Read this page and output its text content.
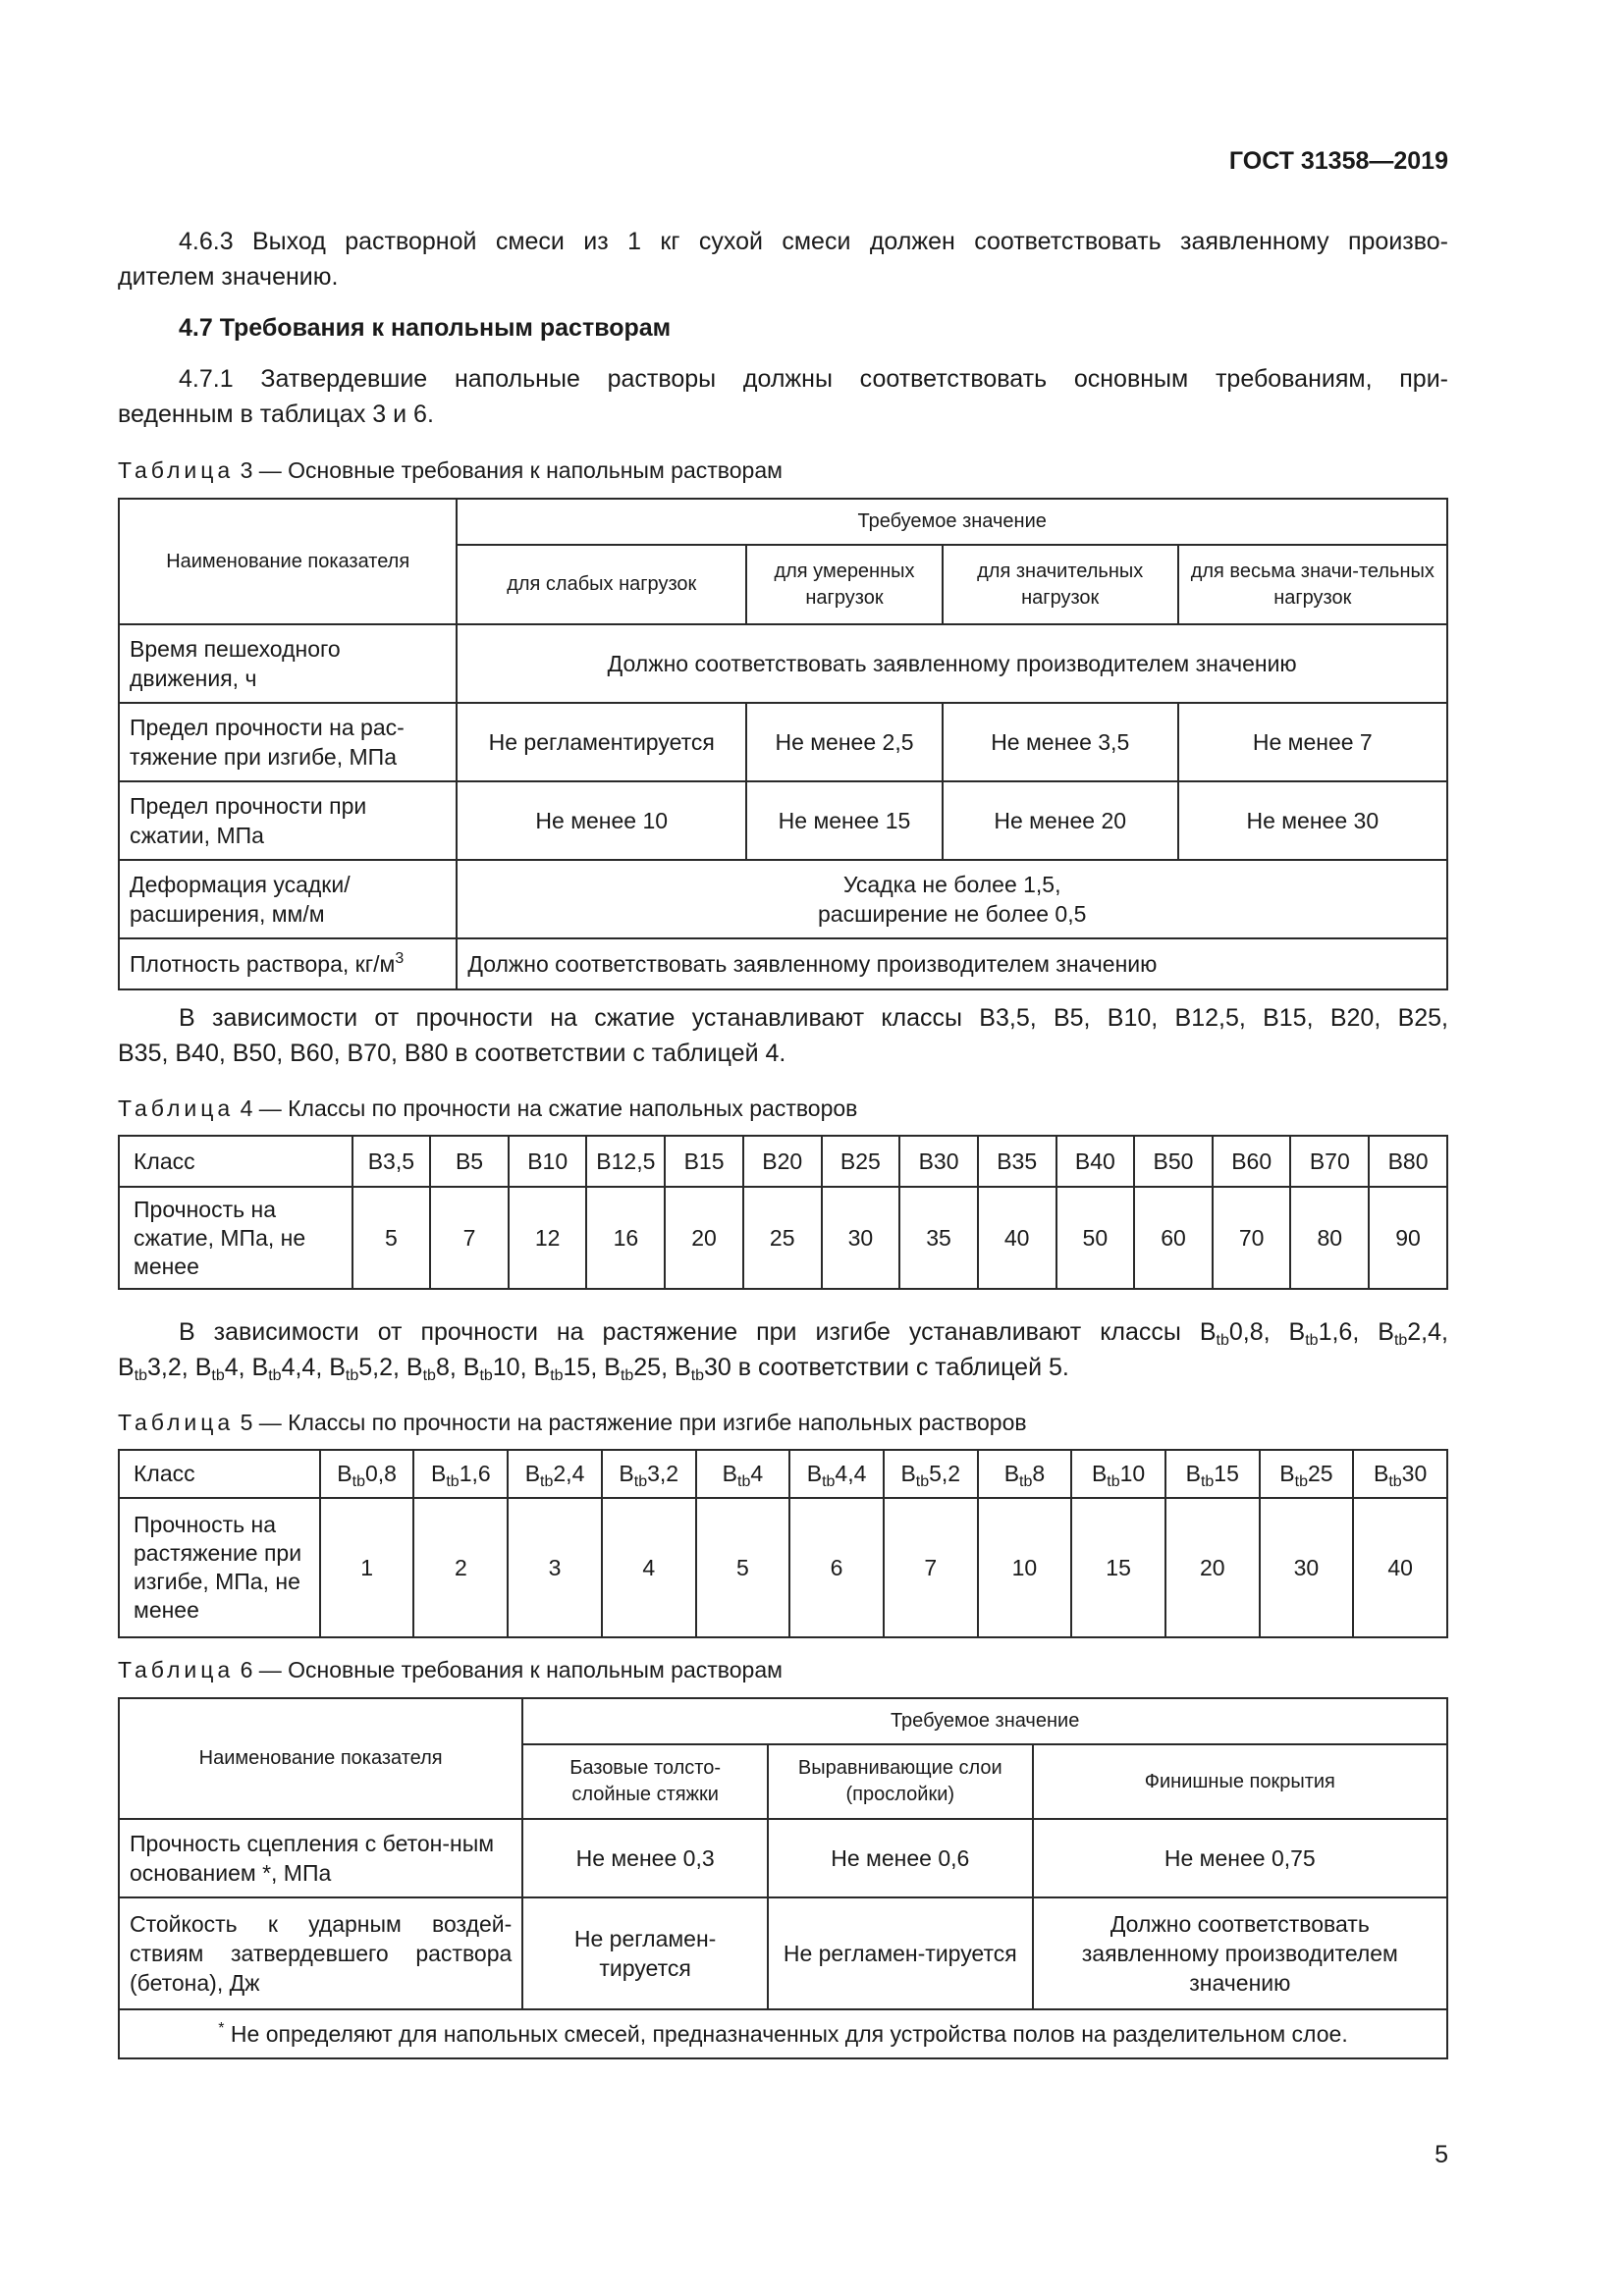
ГОСТ 31358—2019
4.6.3 Выход растворной смеси из 1 кг сухой смеси должен соответствовать заявленному произво-
дителем значению.
4.7 Требования к напольным растворам
4.7.1 Затвердевшие напольные растворы должны соответствовать основным требованиям, при-
веденным в таблицах 3 и 6.
Таблица 3 — Основные требования к напольным растворам
Наименование показателя	Требуемое значение			
	для слабых нагрузок	для умеренных нагрузок	для значительных нагрузок	для весьма значи-тельных нагрузок
Время пешеходного движения, ч	Должно соответствовать заявленному производителем значению			
Предел прочности на рас-тяжение при изгибе, МПа	Не регламентируется	Не менее 2,5	Не менее 3,5	Не менее 7
Предел прочности при сжатии, МПа	Не менее 10	Не менее 15	Не менее 20	Не менее 30
Деформация усадки/ расширения, мм/м	Усадка не более 1,5,
расширение не более 0,5			

Плотность раствора, $кг/м^3$	Должно соответствовать заявленному производителем значению			
В зависимости от прочности на сжатие устанавливают классы В3,5, В5, В10, В12,5, В15, В20, В25,
В35, В40, В50, В60, В70, В80 в соответствии с таблицей 4.
Таблица 4 — Классы по прочности на сжатие напольных растворов
Класс	В3,5	В5	В10	В12,5	В15	В20	В25	В30	В35	В40	В50	В60	В70	В80
Прочность на сжатие, МПа, не менее	5	7	12	16	20	25	30	35	40	50	60	70	80	90
В зависимости от прочности на растяжение при изгибе устанавливают классы $B_{tb}0,8$, $B_{tb}1,6$, $B_{tb}2,4$,
$B_{tb}3,2$, $B_{tb}4$, $B_{tb}4,4$, $B_{tb}5,2$, $B_{tb}8$, $B_{tb}10$, $B_{tb}15$, $B_{tb}25$, $B_{tb}30$ в соответствии с таблицей 5.
Таблица 5 — Классы по прочности на растяжение при изгибе напольных растворов
Класс	$B_{tb}0,8$	$B_{tb}1,6$	$B_{tb}2,4$	$B_{tb}3,2$	$B_{tb}4$	$B_{tb}4,4$	$B_{tb}5,2$	$B_{tb}8$	$B_{tb}10$	$B_{tb}15$	$B_{tb}25$	$B_{tb}30$
Прочность на растяжение при изгибе, МПа, не менее	1	2	3	4	5	6	7	10	15	20	30	40
Таблица 6 — Основные требования к напольным растворам
Наименование показателя	Требуемое значение		
	Базовые толсто-слойные стяжки	Выравнивающие слои (прослойки)	Финишные покрытия
Прочность сцепления с бетон-ным основанием *, МПа	Не менее 0,3	Не менее 0,6	Не менее 0,75
Стойкость к ударным воздей-ствиям затвердевшего раствора (бетона), Дж	Не регламен-тируется	Не регламен-тируется	Должно соответствовать заявленному производителем значению
* Не определяют для напольных смесей, предназначенных для устройства полов на разделительном слое.			
5
